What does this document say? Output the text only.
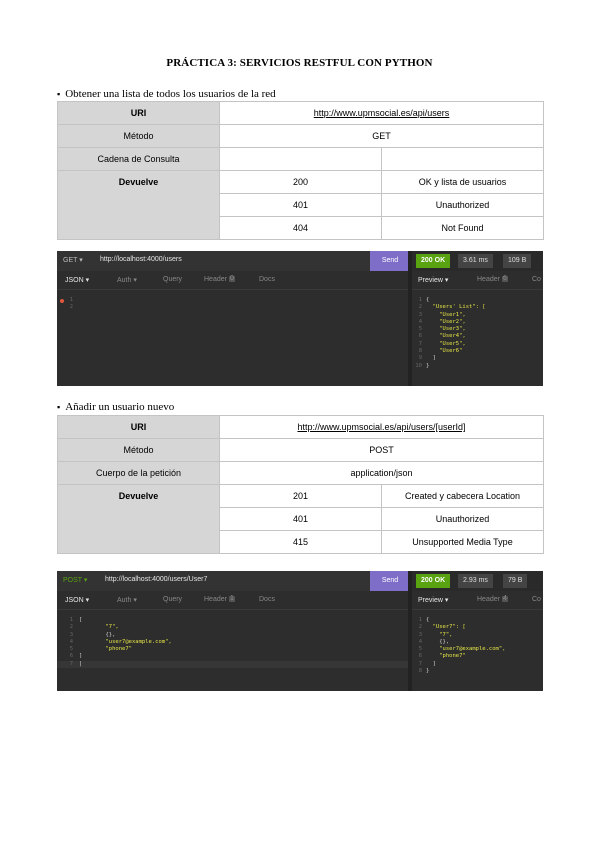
PRÁCTICA 3: SERVICIOS RESTFUL CON PYTHON
▪ Obtener una lista de todos los usuarios de la red
URI	http://www.upmsocial.es/api/users	
Método	GET	
Cadena de Consulta		
Devuelve	200	OK y lista de usuarios
	401	Unauthorized
	404	Not Found
GET ▾ http://localhost:4000/users	Send	200 OK	3.61 ms	109 B
JSON ▾	Auth ▾	Query	Header 0	Docs	Preview ▾	Header 6	Co
1
2
1 {
2  "Users' List": [
3    "User1",
4    "User2",
5    "User3",
6    "User4",
7    "User5",
8    "User6"
9  ]
10 }
▪ Añadir un usuario nuevo
URI	http://www.upmsocial.es/api/users/[userId]	
Método	POST	
Cuerpo de la petición	application/json	
Devuelve	201	Created y cabecera Location
	401	Unauthorized
	415	Unsupported Media Type
POST ▾	http://localhost:4000/users/User7	Send	200 OK	2.93 ms	79 B
JSON ▾	Auth ▾	Query	Header 1	Docs	Preview ▾	Header 4	Co
1 [
2        "7",
3        {},
4        "user7@example.com",
5        "phone7"
6 ]
7 |
1 {
2  "User7": [
3    "7",
4    {},
5    "user7@example.com",
6    "phone7"
7  ]
8 }
